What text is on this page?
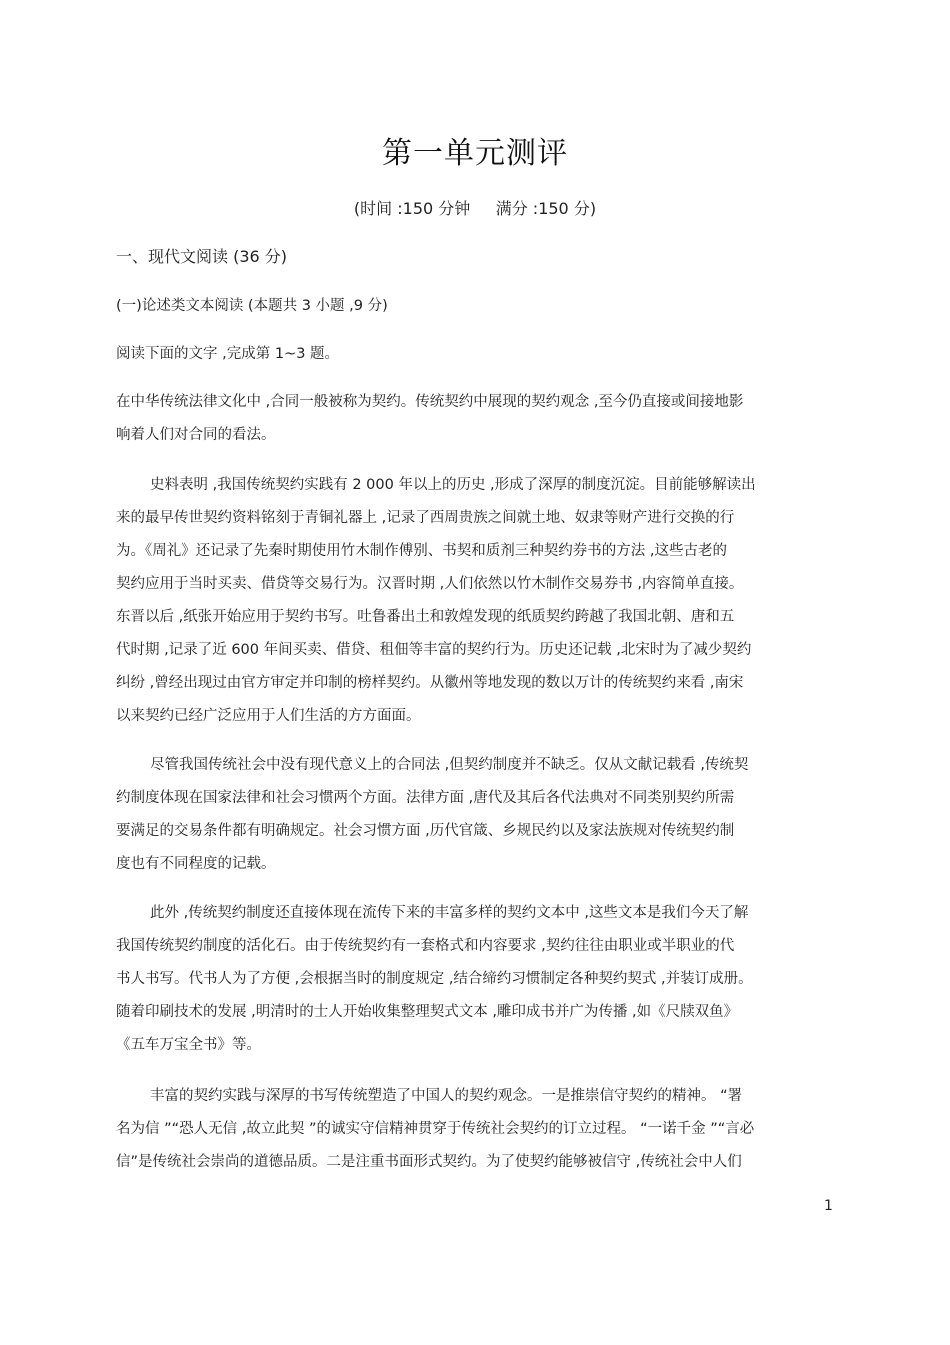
第一单元测评
(时间 :150 分钟 满分 :150 分)
一、现代文阅读 (36 分)
(一)论述类文本阅读 (本题共 3 小题 ,9 分)
阅读下面的文字 ,完成第 1~3 题。
在中华传统法律文化中 ,合同一般被称为契约。传统契约中展现的契约观念 ,至今仍直接或间接地影
响着人们对合同的看法。
史料表明 ,我国传统契约实践有 2 000 年以上的历史 ,形成了深厚的制度沉淀。目前能够解读出
来的最早传世契约资料铭刻于青铜礼器上 ,记录了西周贵族之间就土地、奴隶等财产进行交换的行
为。《周礼》还记录了先秦时期使用竹木制作傅别、书契和质剂三种契约券书的方法 ,这些古老的
契约应用于当时买卖、借贷等交易行为。汉晋时期 ,人们依然以竹木制作交易券书 ,内容简单直接。
东晋以后 ,纸张开始应用于契约书写。吐鲁番出土和敦煌发现的纸质契约跨越了我国北朝、唐和五
代时期 ,记录了近 600 年间买卖、借贷、租佃等丰富的契约行为。历史还记载 ,北宋时为了减少契约
纠纷 ,曾经出现过由官方审定并印制的榜样契约。从徽州等地发现的数以万计的传统契约来看 ,南宋
以来契约已经广泛应用于人们生活的方方面面。
尽管我国传统社会中没有现代意义上的合同法 ,但契约制度并不缺乏。仅从文献记载看 ,传统契
约制度体现在国家法律和社会习惯两个方面。法律方面 ,唐代及其后各代法典对不同类别契约所需
要满足的交易条件都有明确规定。社会习惯方面 ,历代官箴、乡规民约以及家法族规对传统契约制
度也有不同程度的记载。
此外 ,传统契约制度还直接体现在流传下来的丰富多样的契约文本中 ,这些文本是我们今天了解
我国传统契约制度的活化石。由于传统契约有一套格式和内容要求 ,契约往往由职业或半职业的代
书人书写。代书人为了方便 ,会根据当时的制度规定 ,结合缔约习惯制定各种契约契式 ,并装订成册。
随着印刷技术的发展 ,明清时的士人开始收集整理契式文本 ,雕印成书并广为传播 ,如《尺牍双鱼》
《五车万宝全书》等。
丰富的契约实践与深厚的书写传统塑造了中国人的契约观念。一是推崇信守契约的精神。 “署
名为信 ”“恐人无信 ,故立此契 ”的诚实守信精神贯穿于传统社会契约的订立过程。 “一诺千金 ”“言必
信”是传统社会崇尚的道德品质。二是注重书面形式契约。为了使契约能够被信守 ,传统社会中人们
1
